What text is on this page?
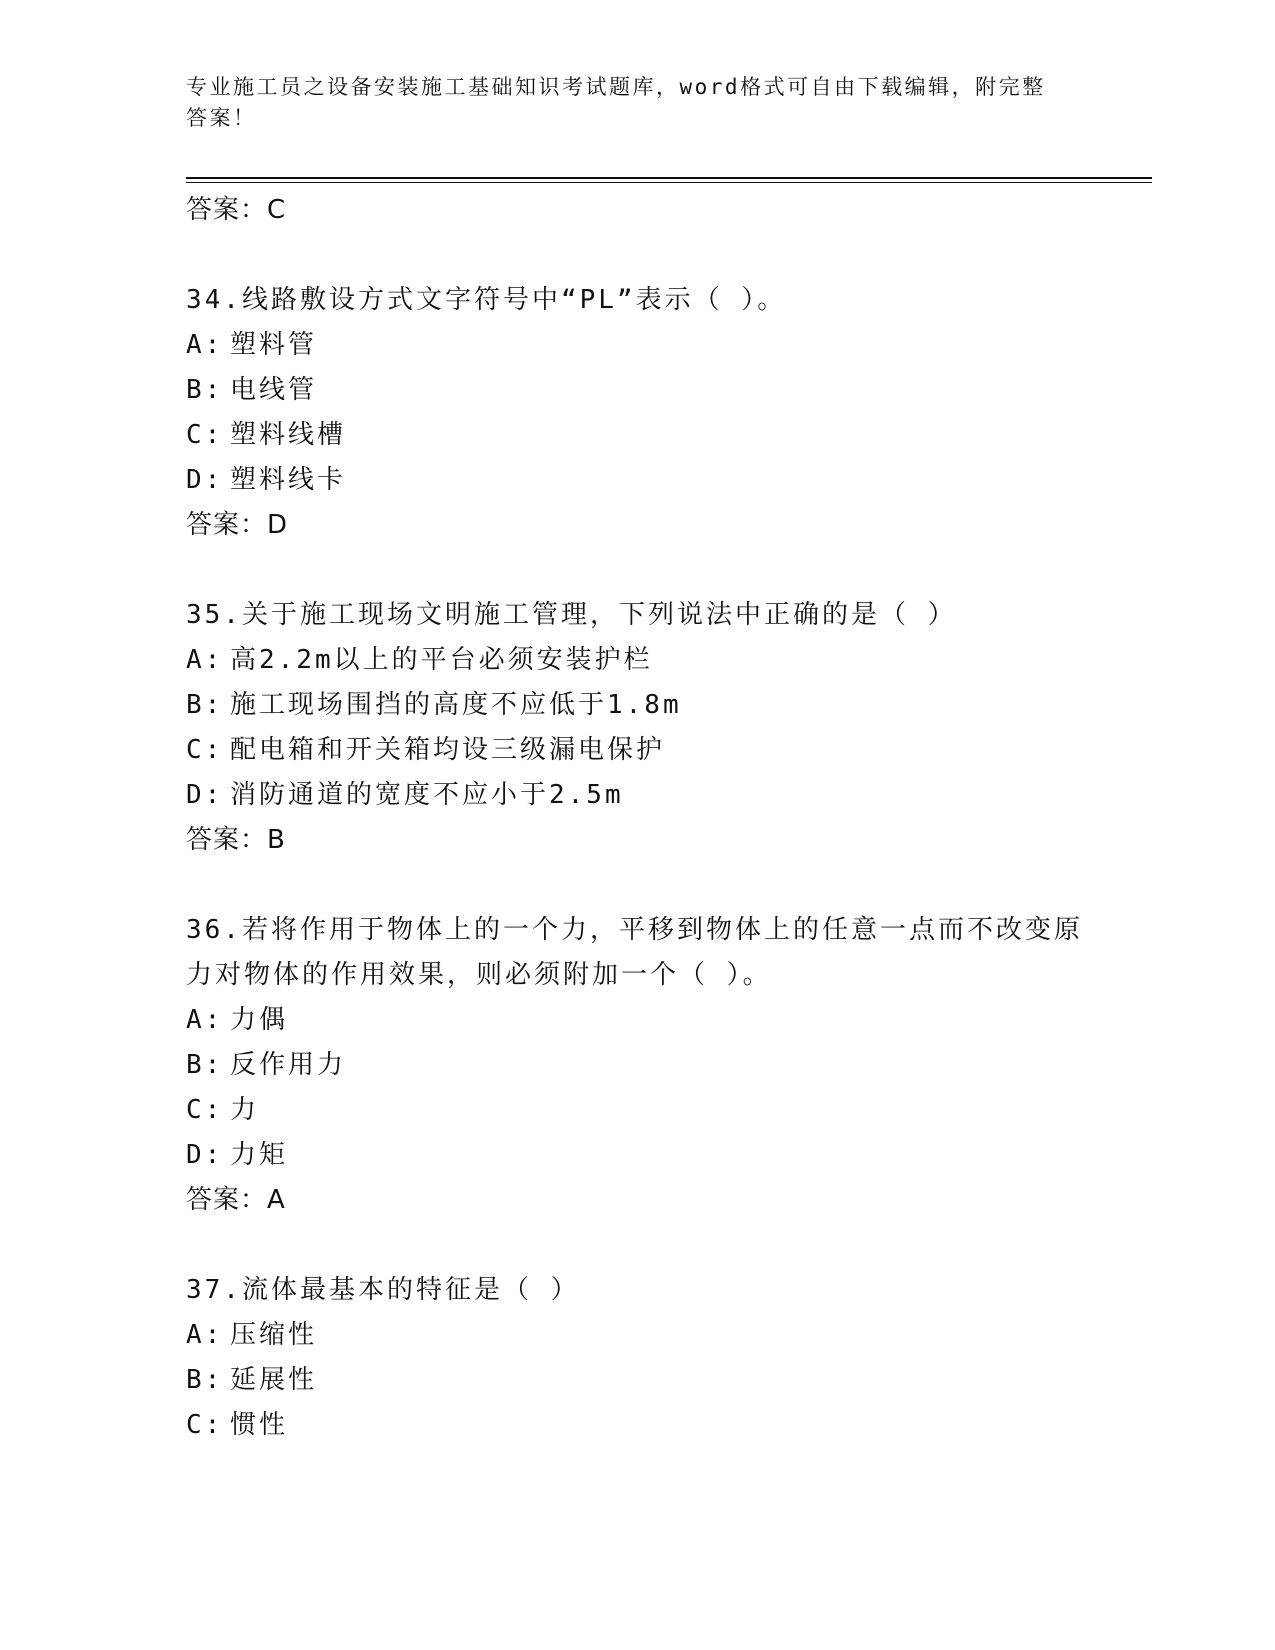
专业施工员之设备安装施工基础知识考试题库，word格式可自由下载编辑，附完整答案！
答案：C
34.线路敷设方式文字符号中“PL”表示（ ）。
A: 塑料管
B: 电线管
C: 塑料线槽
D: 塑料线卡
答案：D
35.关于施工现场文明施工管理，下列说法中正确的是（ ）
A: 高2.2m以上的平台必须安装护栏
B: 施工现场围挡的高度不应低于1.8m
C: 配电箱和开关箱均设三级漏电保护
D: 消防通道的宽度不应小于2.5m
答案：B
36.若将作用于物体上的一个力，平移到物体上的任意一点而不改变原力对物体的作用效果，则必须附加一个（ ）。
A: 力偶
B: 反作用力
C: 力
D: 力矩
答案：A
37.流体最基本的特征是（ ）
A: 压缩性
B: 延展性
C: 惯性
